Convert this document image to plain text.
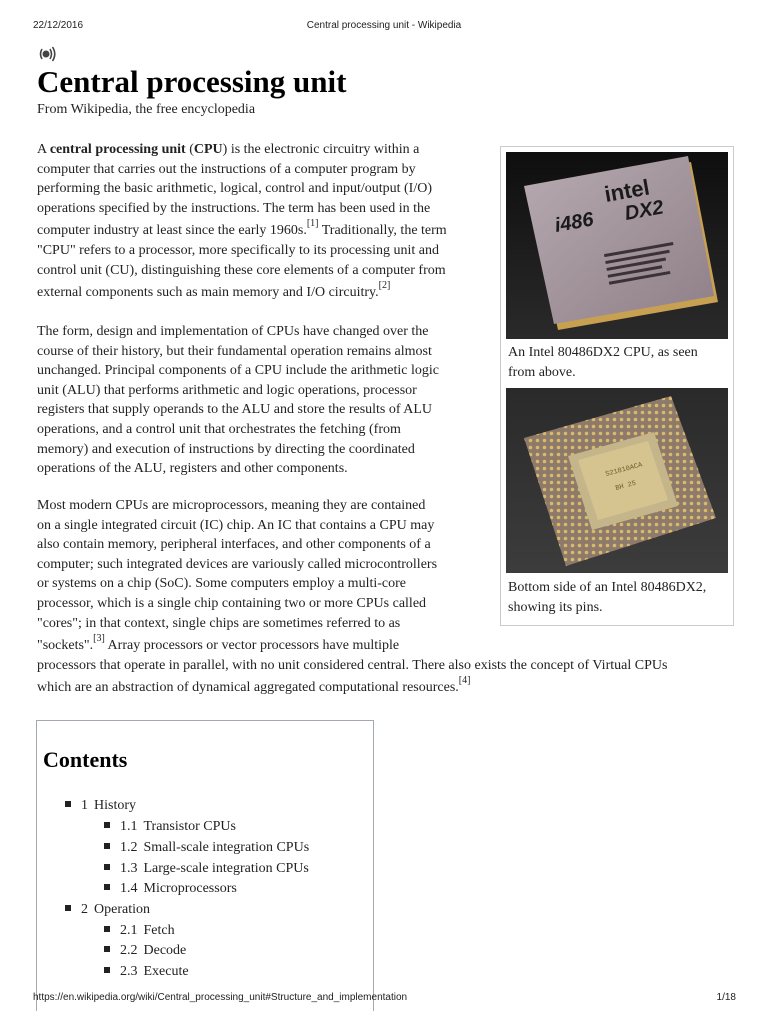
22/12/2016	Central processing unit - Wikipedia
Central processing unit
From Wikipedia, the free encyclopedia
A central processing unit (CPU) is the electronic circuitry within a
computer that carries out the instructions of a computer program by
performing the basic arithmetic, logical, control and input/output (I/O)
operations specified by the instructions. The term has been used in the
computer industry at least since the early 1960s.[1] Traditionally, the term
"CPU" refers to a processor, more specifically to its processing unit and
control unit (CU), distinguishing these core elements of a computer from
external components such as main memory and I/O circuitry.[2]
The form, design and implementation of CPUs have changed over the
course of their history, but their fundamental operation remains almost
unchanged. Principal components of a CPU include the arithmetic logic
unit (ALU) that performs arithmetic and logic operations, processor
registers that supply operands to the ALU and store the results of ALU
operations, and a control unit that orchestrates the fetching (from
memory) and execution of instructions by directing the coordinated
operations of the ALU, registers and other components.
Most modern CPUs are microprocessors, meaning they are contained
on a single integrated circuit (IC) chip. An IC that contains a CPU may
also contain memory, peripheral interfaces, and other components of a
computer; such integrated devices are variously called microcontrollers
or systems on a chip (SoC). Some computers employ a multi-core
processor, which is a single chip containing two or more CPUs called
"cores"; in that context, single chips are sometimes referred to as
"sockets".[3] Array processors or vector processors have multiple
processors that operate in parallel, with no unit considered central. There also exists the concept of Virtual CPUs
which are an abstraction of dynamical aggregated computational resources.[4]
intel
i486 DX2
An Intel 80486DX2 CPU, as seen from above.
S21810ACA
BH 25
Bottom side of an Intel 80486DX2, showing its pins.
Contents
1 History
1.1 Transistor CPUs
1.2 Small-scale integration CPUs
1.3 Large-scale integration CPUs
1.4 Microprocessors
2 Operation
2.1 Fetch
2.2 Decode
2.3 Execute
https://en.wikipedia.org/wiki/Central_processing_unit#Structure_and_implementation	1/18
